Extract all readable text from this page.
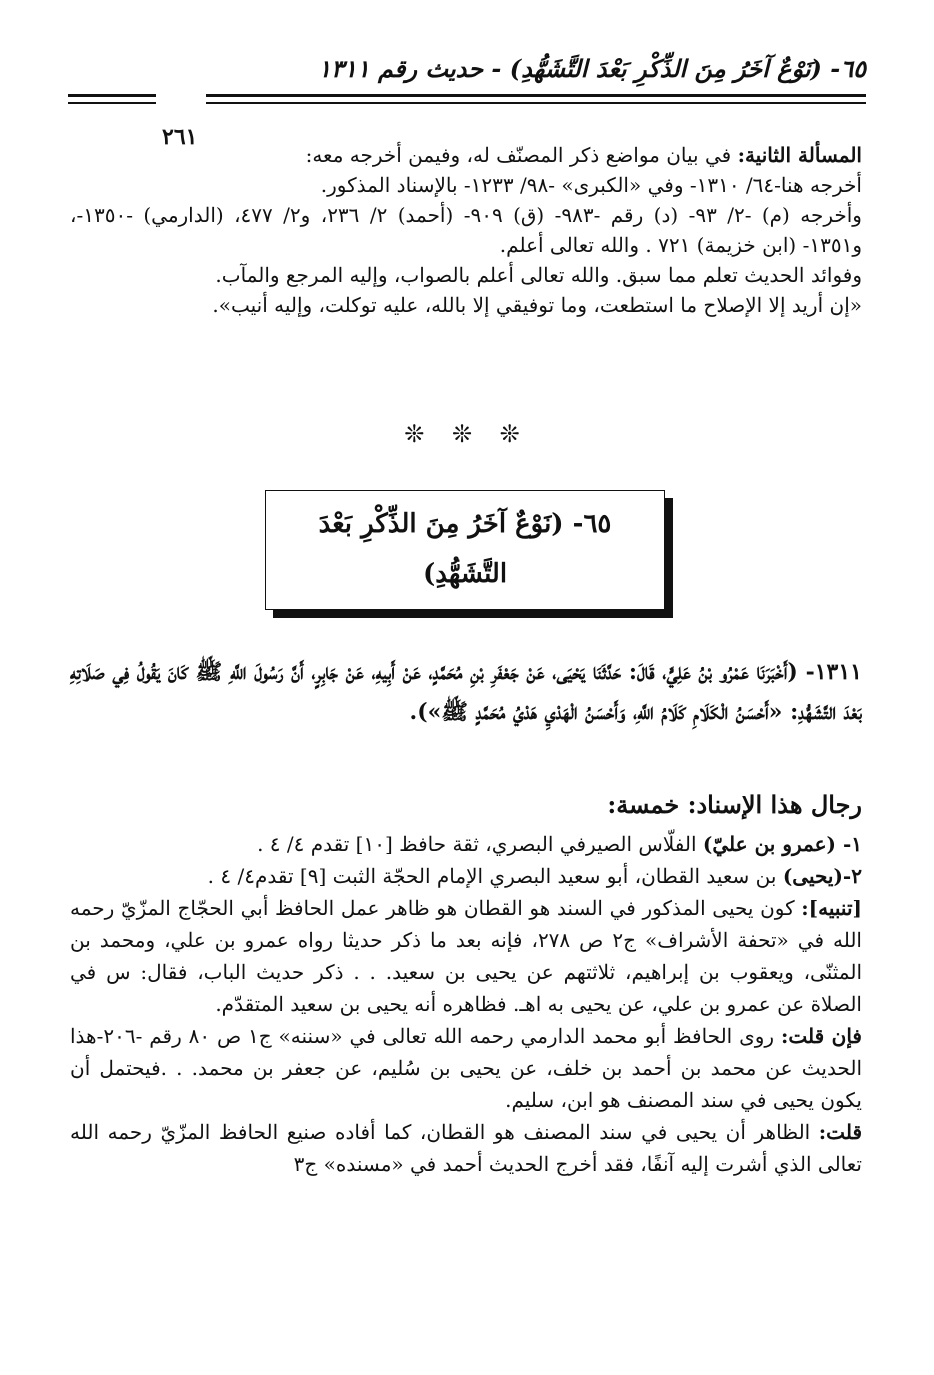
٦٥- (نَوْعٌ آخَرُ مِنَ الذِّكْرِ بَعْدَ التَّشَهُّدِ) - حديث رقم ١٣١١
٢٦١

المسألة الثانية: في بيان مواضع ذكر المصنّف له، وفيمن أخرجه معه:

أخرجه هنا-٦٤/ ١٣١٠- وفي «الكبرى» -٩٨/ ١٢٣٣- بالإسناد المذكور.

وأخرجه (م) -٢/ ٩٣- (د) رقم -٩٨٣- (ق) ٩٠٩- (أحمد) ٢/ ٢٣٦، و٢/ ٤٧٧، (الدارمي) -١٣٥٠-، و١٣٥١- (ابن خزيمة) ٧٢١ . والله تعالى أعلم.

وفوائد الحديث تعلم مما سبق. والله تعالى أعلم بالصواب، وإليه المرجع والمآب.

«إن أريد إلا الإصلاح ما استطعت، وما توفيقي إلا بالله، عليه توكلت، وإليه أنيب».

❊ ❊ ❊
٦٥- (نَوْعٌ آخَرُ مِنَ الذِّكْرِ بَعْدَ
التَّشَهُّدِ)

١٣١١- (أَخْبَرَنَا عَمْرُو بْنُ عَلِيٍّ، قَالَ: حَدَّثَنَا يَحْيَى، عَنْ جَعْفَرِ بْنِ مُحَمَّدٍ، عَنْ أَبِيهِ، عَنْ جَابِرٍ، أَنَّ رَسُولَ اللَّهِ ﷺ كَانَ يَقُولُ فِي صَلَاتِهِ بَعْدَ التَّشَهُّدِ: «أَحْسَنُ الْكَلَامِ كَلَامُ اللَّهِ، وَأَحْسَنُ الْهَدْيِ هَدْيُ مُحَمَّدٍ ﷺ»).

رجال هذا الإسناد: خمسة:

١- (عمرو بن عليّ) الفلّاس الصيرفي البصري، ثقة حافظ [١٠] تقدم ٤/ ٤ .

٢-(يحيى) بن سعيد القطان، أبو سعيد البصري الإمام الحجّة الثبت [٩] تقدم٤/ ٤ .

[تنبيه]: كون يحيى المذكور في السند هو القطان هو ظاهر عمل الحافظ أبي الحجّاج المزّيّ رحمه الله في «تحفة الأشراف» ج٢ ص ٢٧٨، فإنه بعد ما ذكر حديثا رواه عمرو بن علي، ومحمد بن المثنّى، ويعقوب بن إبراهيم، ثلاثتهم عن يحيى بن سعيد. . . ذكر حديث الباب، فقال: س في الصلاة عن عمرو بن علي، عن يحيى به اهـ. فظاهره أنه يحيى بن سعيد المتقدّم.

فإن قلت: روى الحافظ أبو محمد الدارمي رحمه الله تعالى في «سننه» ج١ ص ٨٠ رقم -٢٠٦-هذا الحديث عن محمد بن أحمد بن خلف، عن يحيى بن سُليم، عن جعفر بن محمد. . .فيحتمل أن يكون يحيى في سند المصنف هو ابن، سليم.

قلت: الظاهر أن يحيى في سند المصنف هو القطان، كما أفاده صنيع الحافظ المزّيّ رحمه الله تعالى الذي أشرت إليه آنفًا، فقد أخرج الحديث أحمد في «مسنده» ج٣
